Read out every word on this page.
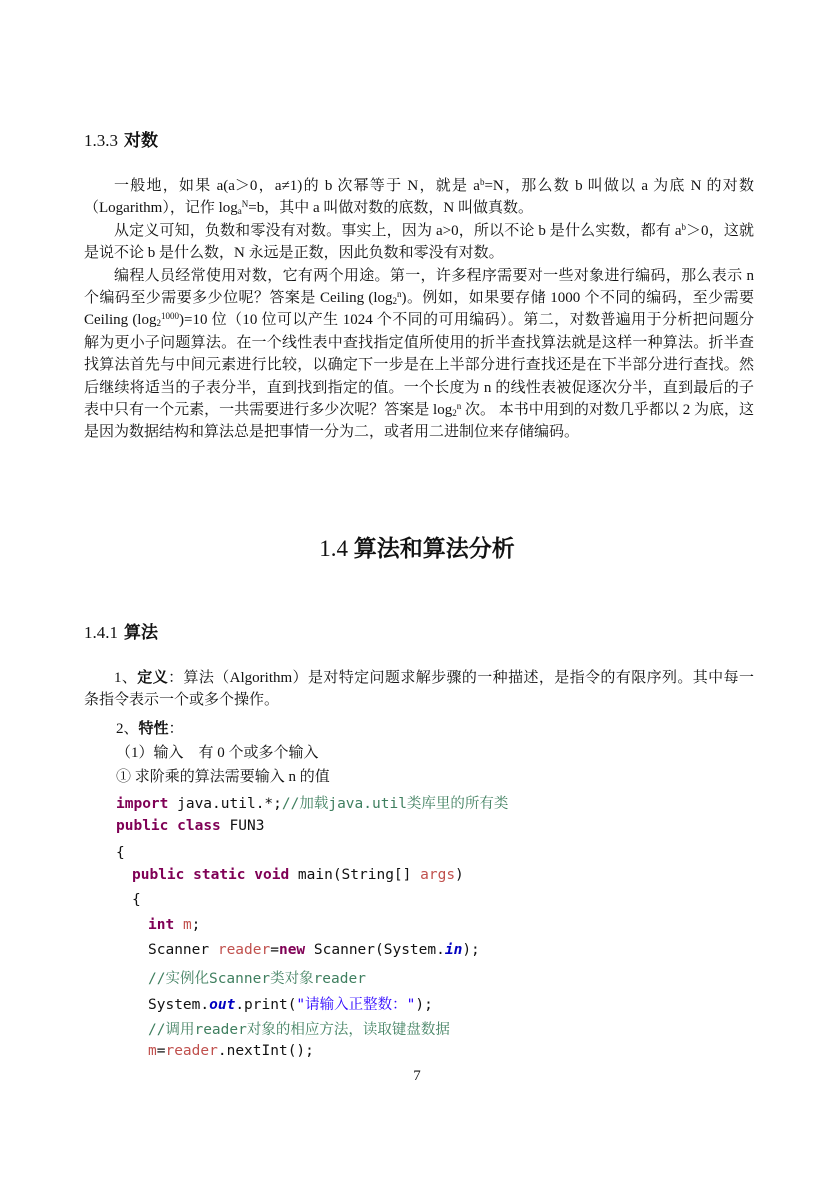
1.3.3 对数

一般地，如果 a(a＞0，a≠1)的 b 次幂等于 N，就是 $a^b=N$，那么数 b 叫做以 a 为底 N 的对数（Logarithm），记作 $\log_a^N=b$，其中 a 叫做对数的底数，N 叫做真数。

从定义可知，负数和零没有对数。事实上，因为 a>0，所以不论 b 是什么实数，都有 $a^b>0$，这就是说不论 b 是什么数，N 永远是正数，因此负数和零没有对数。

编程人员经常使用对数，它有两个用途。第一，许多程序需要对一些对象进行编码，那么表示 n 个编码至少需要多少位呢？答案是 Ceiling $(\log_2^n)$。例如，如果要存储 1000 个不同的编码，至少需要 Ceiling $(\log_2^{1000})=10$ 位（10 位可以产生 1024 个不同的可用编码）。第二，对数普遍用于分析把问题分解为更小子问题算法。在一个线性表中查找指定值所使用的折半查找算法就是这样一种算法。折半查找算法首先与中间元素进行比较，以确定下一步是在上半部分进行查找还是在下半部分进行查找。然后继续将适当的子表分半，直到找到指定的值。一个长度为 n 的线性表被促逐次分半，直到最后的子表中只有一个元素，一共需要进行多少次呢？答案是 $\log_2^n$ 次。 本书中用到的对数几乎都以 2 为底，这是因为数据结构和算法总是把事情一分为二，或者用二进制位来存储编码。

1.4 算法和算法分析
1.4.1 算法

1、定义：算法（Algorithm）是对特定问题求解步骤的一种描述，是指令的有限序列。其中每一条指令表示一个或多个操作。

2、特性：
（1）输入　有 0 个或多个输入
① 求阶乘的算法需要输入 n 的值
import java.util.*;//加载java.util类库里的所有类
public class FUN3
{
public static void main(String[] args)
{
int m;
Scanner reader=new Scanner(System.in);
//实例化Scanner类对象reader
System.out.print("请输入正整数：");
//调用reader对象的相应方法，读取键盘数据
m=reader.nextInt();
7
